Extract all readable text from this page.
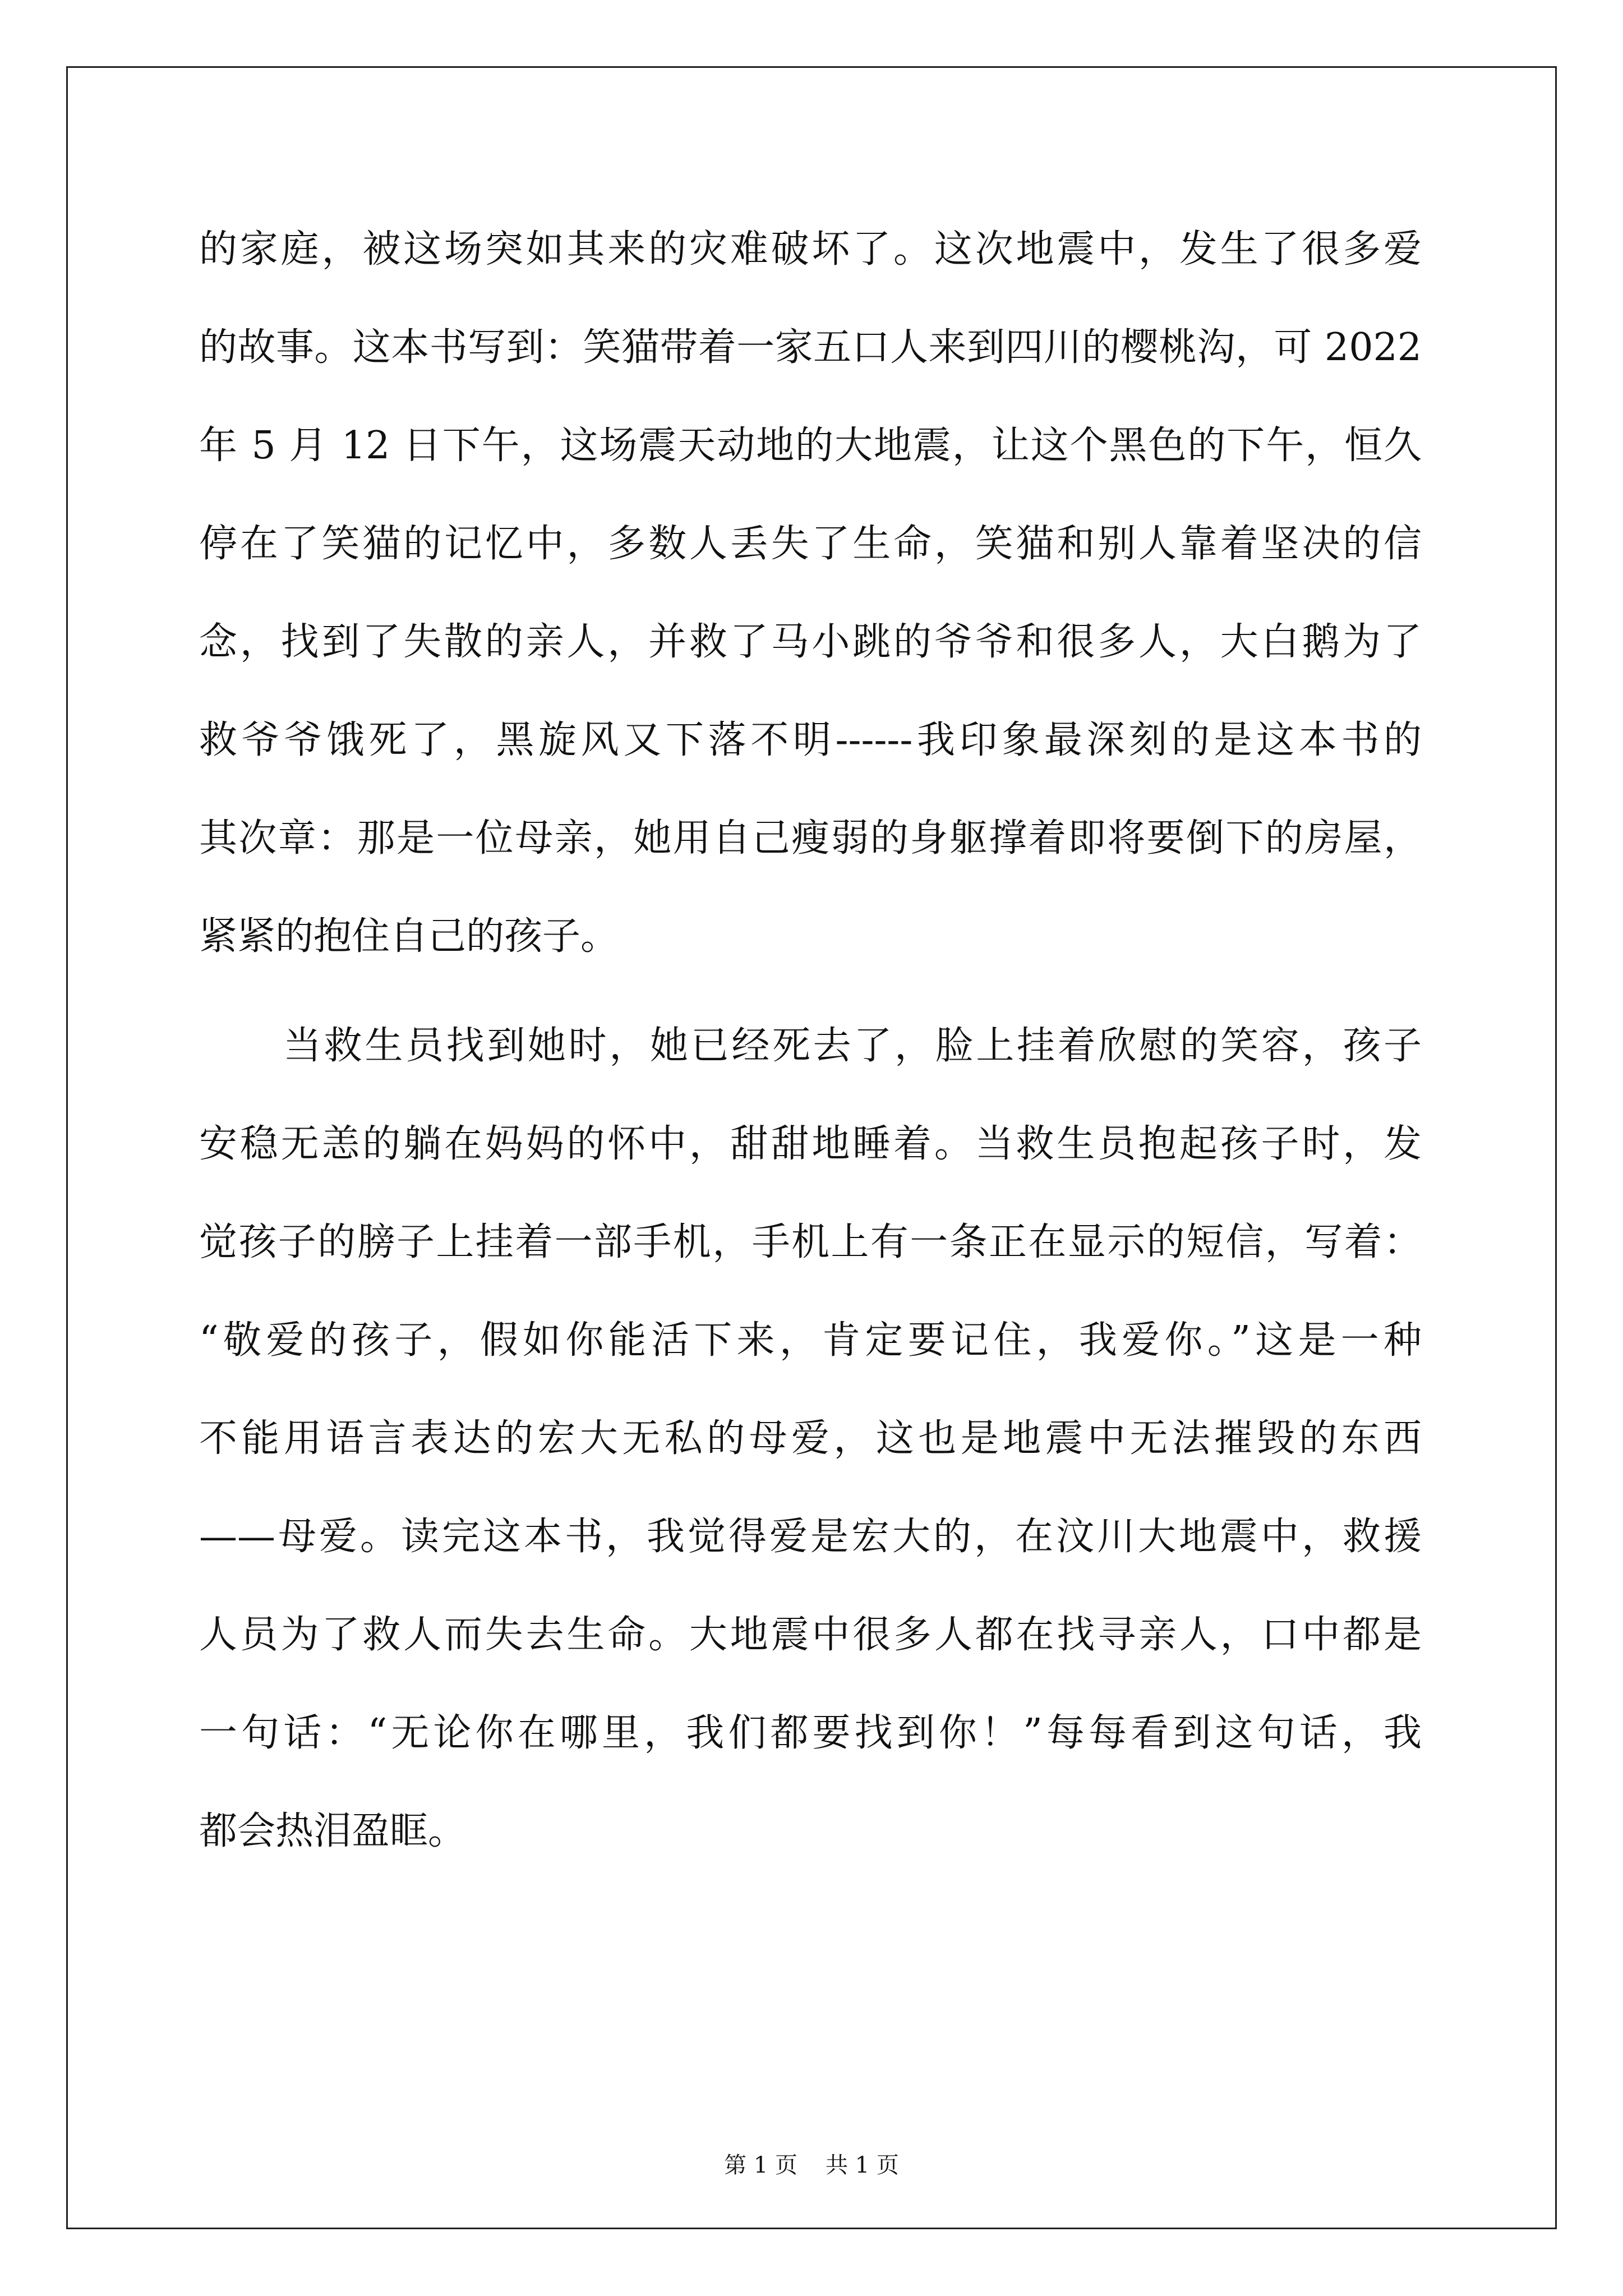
的家庭，被这场突如其来的灾难破坏了。这次地震中，发生了很多爱
的故事。这本书写到：笑猫带着一家五口人来到四川的樱桃沟，可 2022
年 5 月 12 日下午，这场震天动地的大地震，让这个黑色的下午，恒久
停在了笑猫的记忆中，多数人丢失了生命，笑猫和别人靠着坚决的信
念，找到了失散的亲人，并救了马小跳的爷爷和很多人，大白鹅为了
救爷爷饿死了，黑旋风又下落不明------我印象最深刻的是这本书的
其次章：那是一位母亲，她用自己瘦弱的身躯撑着即将要倒下的房屋，
紧紧的抱住自己的孩子。
当救生员找到她时，她已经死去了，脸上挂着欣慰的笑容，孩子
安稳无恙的躺在妈妈的怀中，甜甜地睡着。当救生员抱起孩子时，发
觉孩子的膀子上挂着一部手机，手机上有一条正在显示的短信，写着：
“敬爱的孩子，假如你能活下来，肯定要记住，我爱你。”这是一种
不能用语言表达的宏大无私的母爱，这也是地震中无法摧毁的东西
——母爱。读完这本书，我觉得爱是宏大的，在汶川大地震中，救援
人员为了救人而失去生命。大地震中很多人都在找寻亲人，口中都是
一句话：“无论你在哪里，我们都要找到你！”每每看到这句话，我
都会热泪盈眶。
第 1 页 共 1 页
